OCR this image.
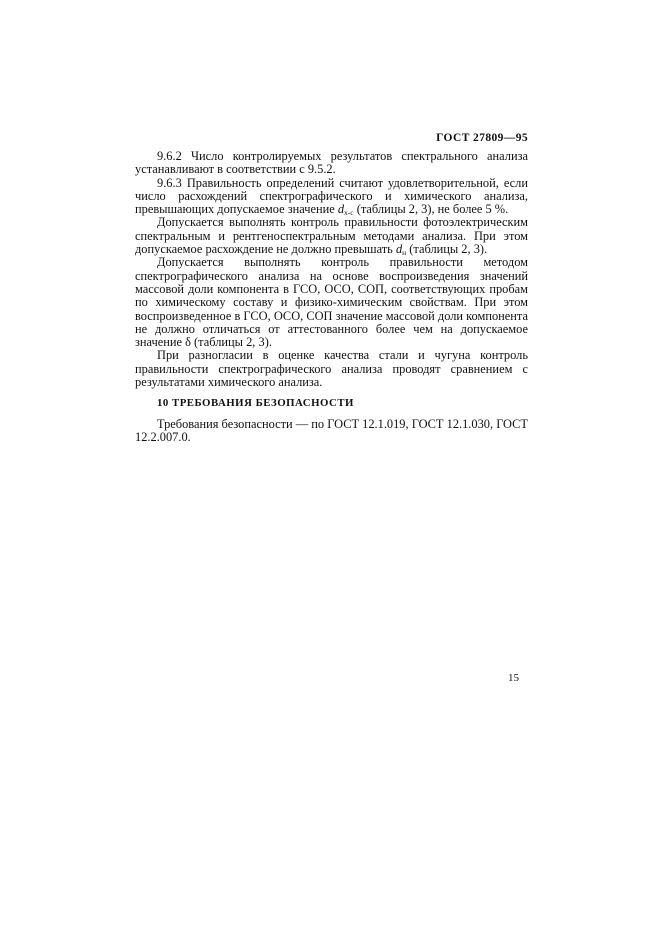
ГОСТ 27809—95

9.6.2 Число контролируемых результатов спектрального анализа устанавливают в соответствии с 9.5.2.

9.6.3 Правильность определений считают удовлетворительной, если число расхождений спектрографического и химического анализа, превышающих допускаемое значение $d_{х-с}$ (таблицы 2, 3), не более 5 %.

Допускается выполнять контроль правильности фотоэлектрическим спектральным и рентгеноспектральным методами анализа. При этом допускаемое расхождение не должно превышать $d_н$ (таблицы 2, 3).

Допускается выполнять контроль правильности методом спектрографического анализа на основе воспроизведения значений массовой доли компонента в ГСО, ОСО, СОП, соответствующих пробам по химическому составу и физико-химическим свойствам. При этом воспроизведенное в ГСО, ОСО, СОП значение массовой доли компонента не должно отличаться от аттестованного более чем на допускаемое значение δ (таблицы 2, 3).

При разногласии в оценке качества стали и чугуна контроль правильности спектрографического анализа проводят сравнением с результатами химического анализа.

10 ТРЕБОВАНИЯ БЕЗОПАСНОСТИ

Требования безопасности — по ГОСТ 12.1.019, ГОСТ 12.1.030, ГОСТ 12.2.007.0.

15
